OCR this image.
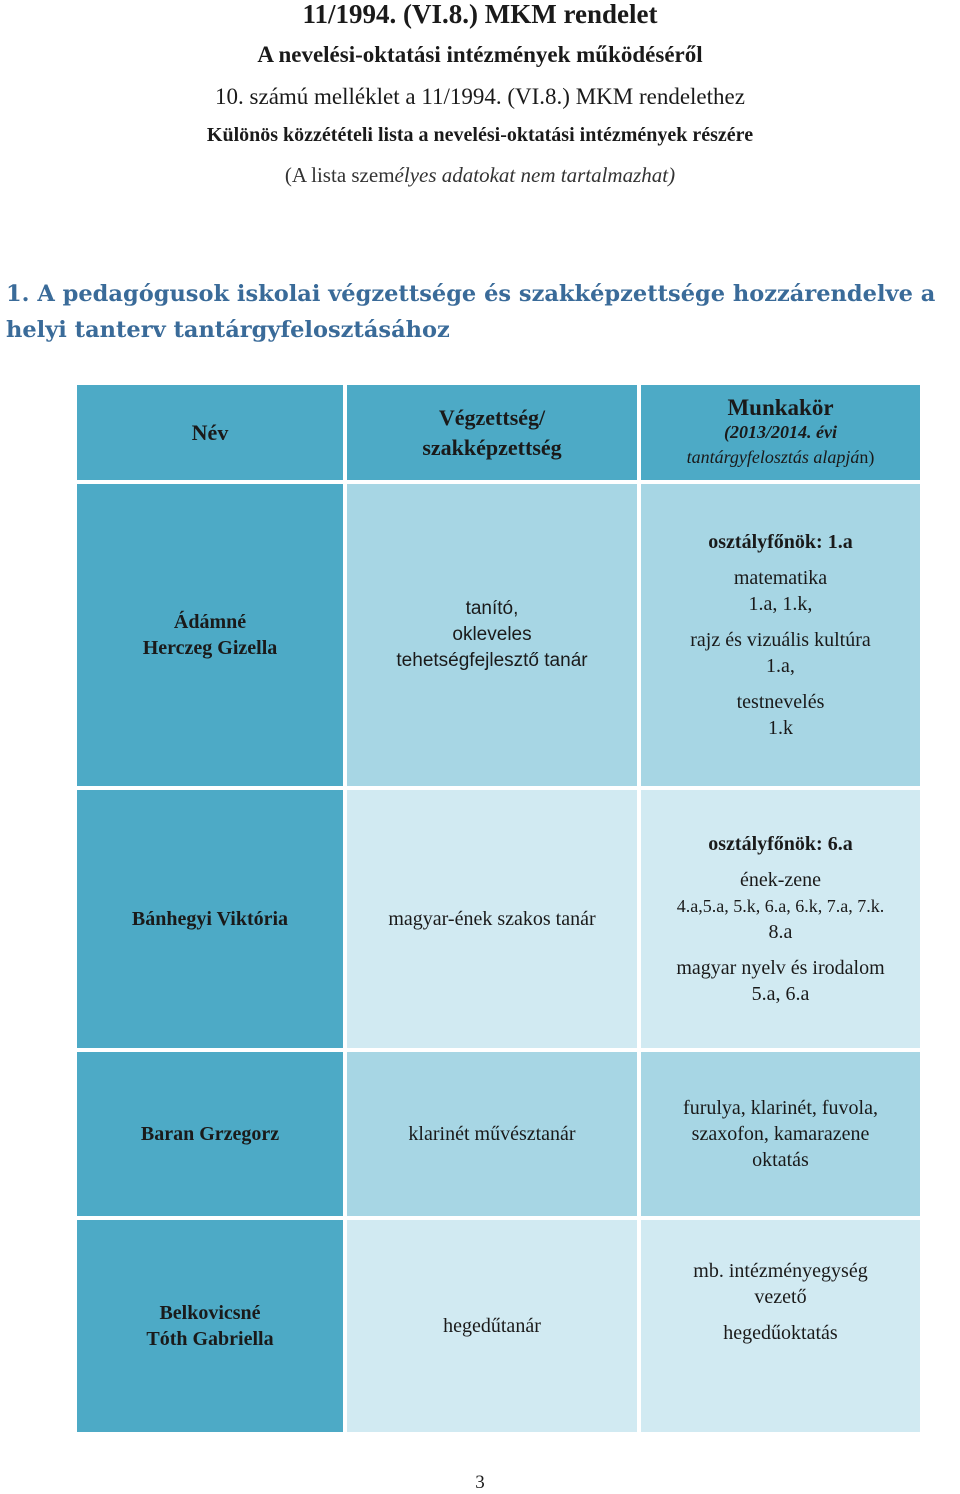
11/1994. (VI.8.) MKM rendelet
A nevelési-oktatási intézmények működéséről
10. számú melléklet a 11/1994. (VI.8.) MKM rendelethez
Különös közzétételi lista a nevelési-oktatási intézmények részére
(A lista személyes adatokat nem tartalmazhat)
1. A pedagógusok iskolai végzettsége és szakképzettsége hozzárendelve a helyi tanterv tantárgyfelosztásához
Név
Végzettség/
szakképzettség
Munkakör
(2013/2014. évi
tantárgyfelosztás alapján)
Ádámné
Herczeg Gizella
tanító,
okleveles
tehetségfejlesztő tanár
osztályfőnök: 1.a
matematika
1.a, 1.k,
rajz és vizuális kultúra
1.a,
testnevelés
1.k
Bánhegyi Viktória	magyar-ének szakos tanár
osztályfőnök: 6.a
ének-zene
4.a,5.a, 5.k, 6.a, 6.k, 7.a, 7.k.
8.a
magyar nyelv és irodalom
5.a, 6.a
Baran Grzegorz	klarinét művésztanár
furulya, klarinét, fuvola,
szaxofon, kamarazene
oktatás
Belkovicsné
Tóth Gabriella
hegedűtanár
mb. intézményegység
vezető
hegedűoktatás
3
